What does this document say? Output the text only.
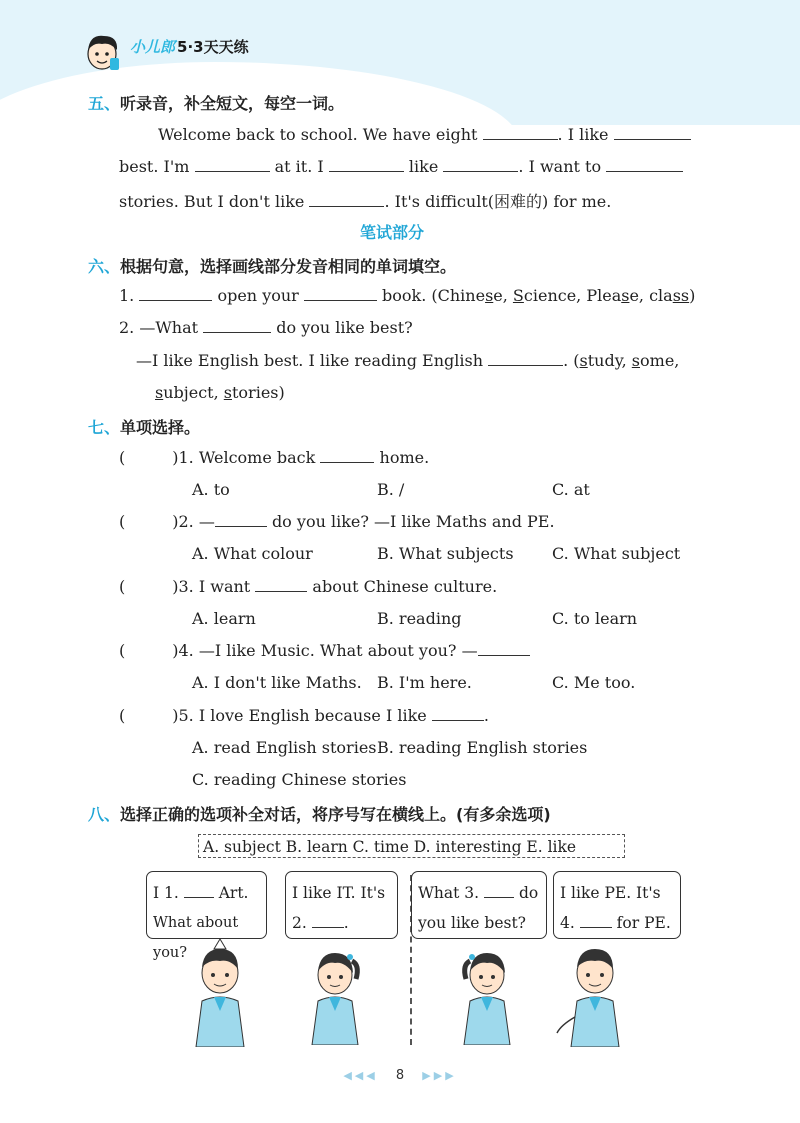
小儿郎 5·3天天练
五、听录音，补全短文，每空一词。
Welcome back to school. We have eight	. I like
best. I'm	at it. I	like	. I want to
stories. But I don't like	. It's difficult(困难的) for me.
笔试部分
六、根据句意，选择画线部分发音相同的单词填空。
1.	open your	book. (Chinese, Science, Please, class)
2. —What	do you like best?
—I like English best. I like reading English	. (study, some,
subject, stories)
七、单项选择。
(	)1. Welcome back	home.
A. to	B. /	C. at
(	)2. —	do you like? —I like Maths and PE.
A. What colour	B. What subjects C. What subject
(	)3. I want	about Chinese culture.
A. learn	B. reading	C. to learn
(	)4. —I like Music. What about you? —
A. I don't like Maths. B. I'm here.	C. Me too.
(	)5. I love English because I like	.
A. read English stories B. reading English stories
C. reading Chinese stories
八、选择正确的选项补全对话，将序号写在横线上。(有多余选项)
A. subject B. learn C. time D. interesting E. like
I 1.	Art.
What about you?
I like IT. It's
2. .
What 3.	do
you like best?
I like PE. It's
4.	for PE.
◀◀◀ 8 ▶▶▶
